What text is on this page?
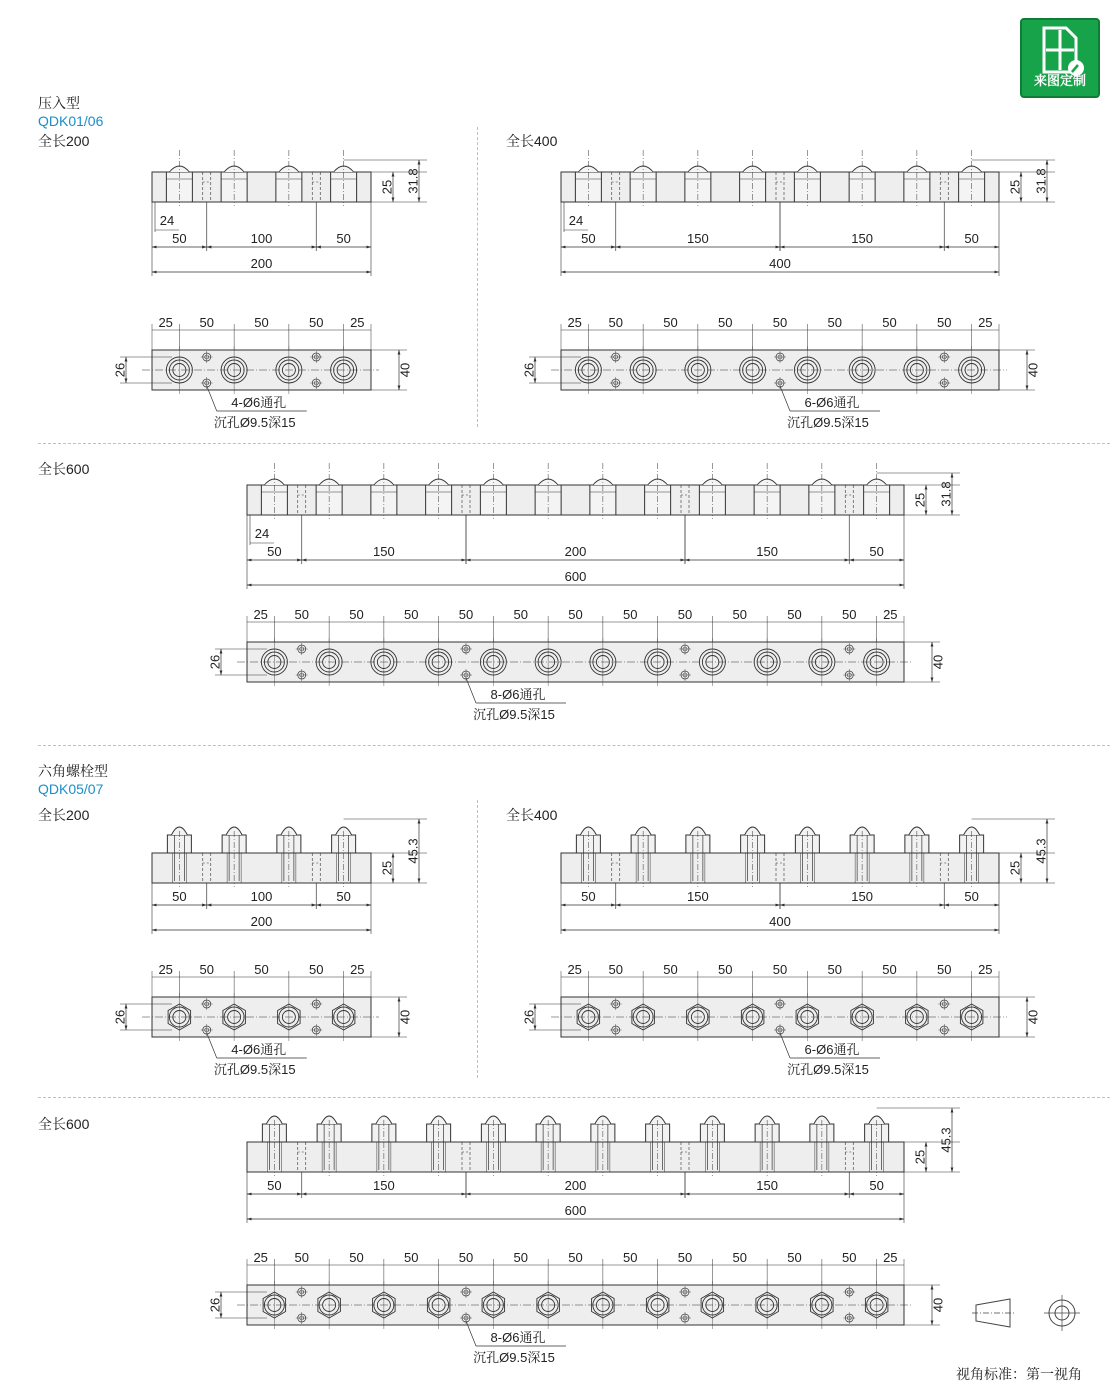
来图定制
压入型
QDK01/06
全长200	全长400
全长600
六角螺栓型
QDK05/07
全长200	全长400
全长600
25 31.8
24
50	100	50
200
25 50	50	50 25
26	40
4-Ø6通孔
沉孔Ø9.5深15
25 31.8
24
50	150	150	50
400
25 50	50	50	50	50	50	50 25
26	40
6-Ø6通孔
沉孔Ø9.5深15
25 31.8
24
50	150	200	150	50
600
25 50	50	50	50	50	50	50	50	50	50	50 25
26	40
8-Ø6通孔
沉孔Ø9.5深15
25
45.3
50	100	50
200
25 50	50	50 25
26	40
4-Ø6通孔
沉孔Ø9.5深15
25
45.3
50	150	150	50
400
25 50	50	50	50	50	50	50 25
26	40
6-Ø6通孔
沉孔Ø9.5深15
25
45.3
50	150	200	150	50
600
25 50	50	50	50	50	50	50	50	50	50	50 25
26	40
8-Ø6通孔
沉孔Ø9.5深15
视角标准：第一视角
